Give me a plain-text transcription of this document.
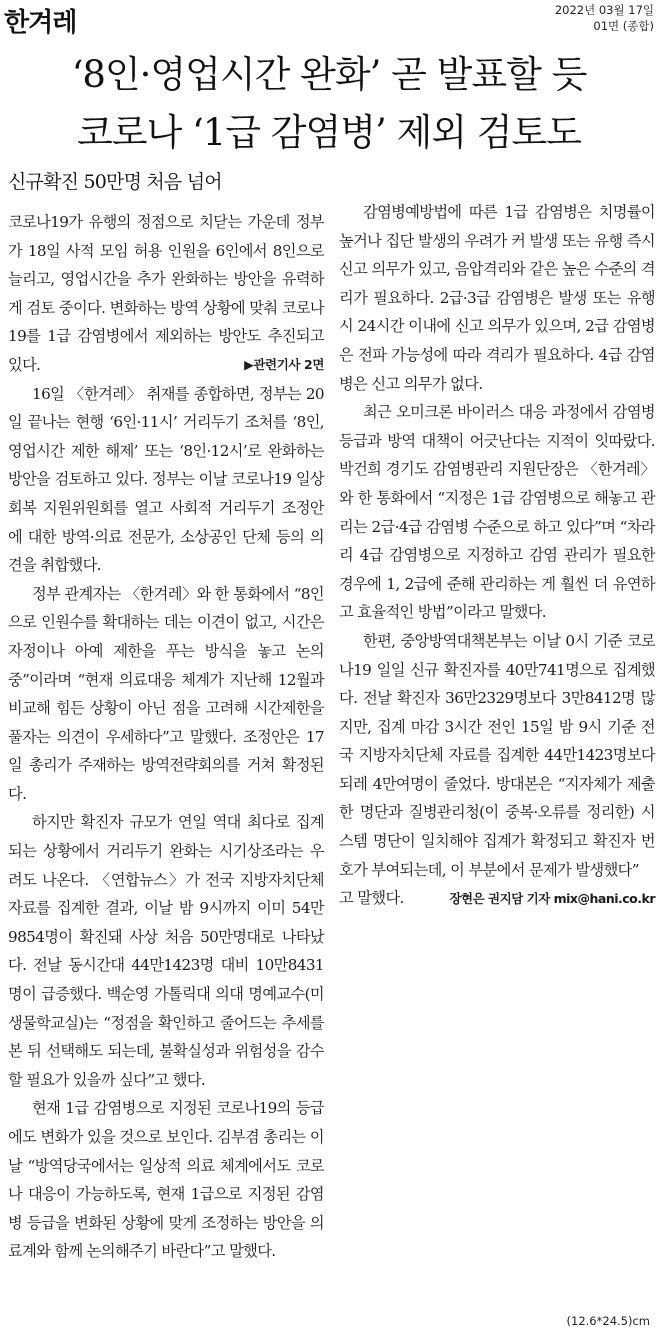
한겨레	2022년 03월 17일
01면 (종합)
‘8인·영업시간 완화’ 곧 발표할 듯
코로나 ‘1급 감염병’ 제외 검토도
신규확진 50만명 처음 넘어

코로나19가 유행의 정점으로 치닫는 가운데 정부가 18일 사적 모임 허용 인원을 6인에서 8인으로 늘리고, 영업시간을 추가 완화하는 방안을 유력하게 검토 중이다. 변화하는 방역 상황에 맞춰 코로나19를 1급 감염병에서 제외하는 방안도 추진되고 있다.	▶관련기사 2면

16일 〈한겨레〉 취재를 종합하면, 정부는 20일 끝나는 현행 ‘6인·11시’ 거리두기 조처를 ‘8인, 영업시간 제한 해제’ 또는 ‘8인·12시’로 완화하는 방안을 검토하고 있다. 정부는 이날 코로나19 일상회복 지원위원회를 열고 사회적 거리두기 조정안에 대한 방역·의료 전문가, 소상공인 단체 등의 의견을 취합했다.

정부 관계자는 〈한겨레〉와 한 통화에서 “8인으로 인원수를 확대하는 데는 이견이 없고, 시간은 자정이나 아예 제한을 푸는 방식을 놓고 논의 중”이라며 “현재 의료대응 체계가 지난해 12월과 비교해 힘든 상황이 아닌 점을 고려해 시간제한을 풀자는 의견이 우세하다”고 말했다. 조정안은 17일 총리가 주재하는 방역전략회의를 거쳐 확정된다.

하지만 확진자 규모가 연일 역대 최다로 집계되는 상황에서 거리두기 완화는 시기상조라는 우려도 나온다. 〈연합뉴스〉가 전국 지방자치단체 자료를 집계한 결과, 이날 밤 9시까지 이미 54만9854명이 확진돼 사상 처음 50만명대로 나타났다. 전날 동시간대 44만1423명 대비 10만8431명이 급증했다. 백순영 가톨릭대 의대 명예교수(미생물학교실)는 “정점을 확인하고 줄어드는 추세를 본 뒤 선택해도 되는데, 불확실성과 위험성을 감수할 필요가 있을까 싶다”고 했다.

현재 1급 감염병으로 지정된 코로나19의 등급에도 변화가 있을 것으로 보인다. 김부겸 총리는 이날 “방역당국에서는 일상적 의료 체계에서도 코로나 대응이 가능하도록, 현재 1급으로 지정된 감염병 등급을 변화된 상황에 맞게 조정하는 방안을 의료계와 함께 논의해주기 바란다”고 말했다.

감염병예방법에 따른 1급 감염병은 치명률이 높거나 집단 발생의 우려가 커 발생 또는 유행 즉시 신고 의무가 있고, 음압격리와 같은 높은 수준의 격리가 필요하다. 2급·3급 감염병은 발생 또는 유행 시 24시간 이내에 신고 의무가 있으며, 2급 감염병은 전파 가능성에 따라 격리가 필요하다. 4급 감염병은 신고 의무가 없다.

최근 오미크론 바이러스 대응 과정에서 감염병 등급과 방역 대책이 어긋난다는 지적이 잇따랐다. 박건희 경기도 감염병관리 지원단장은 〈한겨레〉와 한 통화에서 “지정은 1급 감염병으로 해놓고 관리는 2급·4급 감염병 수준으로 하고 있다”며 “차라리 4급 감염병으로 지정하고 감염 관리가 필요한 경우에 1, 2급에 준해 관리하는 게 훨씬 더 유연하고 효율적인 방법”이라고 말했다.

한편, 중앙방역대책본부는 이날 0시 기준 코로나19 일일 신규 확진자를 40만741명으로 집계했다. 전날 확진자 36만2329명보다 3만8412명 많지만, 집계 마감 3시간 전인 15일 밤 9시 기준 전국 지방자치단체 자료를 집계한 44만1423명보다 되레 4만여명이 줄었다. 방대본은 “지자체가 제출한 명단과 질병관리청(이 중복·오류를 정리한) 시스템 명단이 일치해야 집계가 확정되고 확진자 번호가 부여되는데, 이 부분에서 문제가 발생했다”

고 말했다.	장현은 권지담 기자 mix@hani.co.kr
(12.6*24.5)cm
